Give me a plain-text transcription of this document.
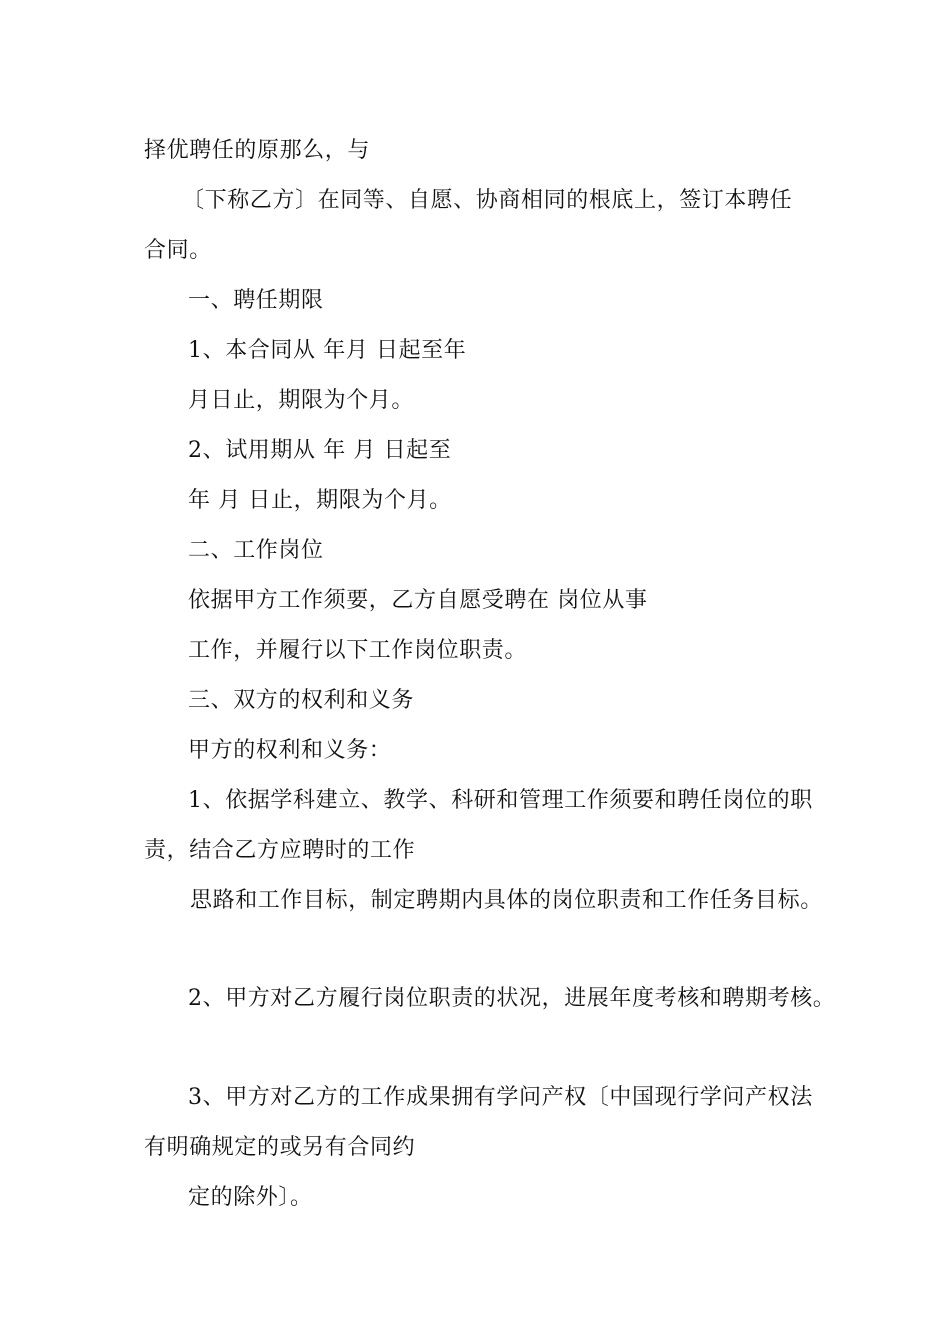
择优聘任的原那么，与
〔下称乙方〕在同等、自愿、协商相同的根底上，签订本聘任
合同。
一、聘任期限
1、本合同从 年月 日起至年
月日止，期限为个月。
2、试用期从 年 月 日起至
年 月 日止，期限为个月。
二、工作岗位
依据甲方工作须要，乙方自愿受聘在 岗位从事
工作，并履行以下工作岗位职责。
三、双方的权利和义务
甲方的权利和义务：
1、依据学科建立、教学、科研和管理工作须要和聘任岗位的职
责，结合乙方应聘时的工作
思路和工作目标，制定聘期内具体的岗位职责和工作任务目标。
2、甲方对乙方履行岗位职责的状况，进展年度考核和聘期考核。
3、甲方对乙方的工作成果拥有学问产权〔中国现行学问产权法
有明确规定的或另有合同约
定的除外〕。
